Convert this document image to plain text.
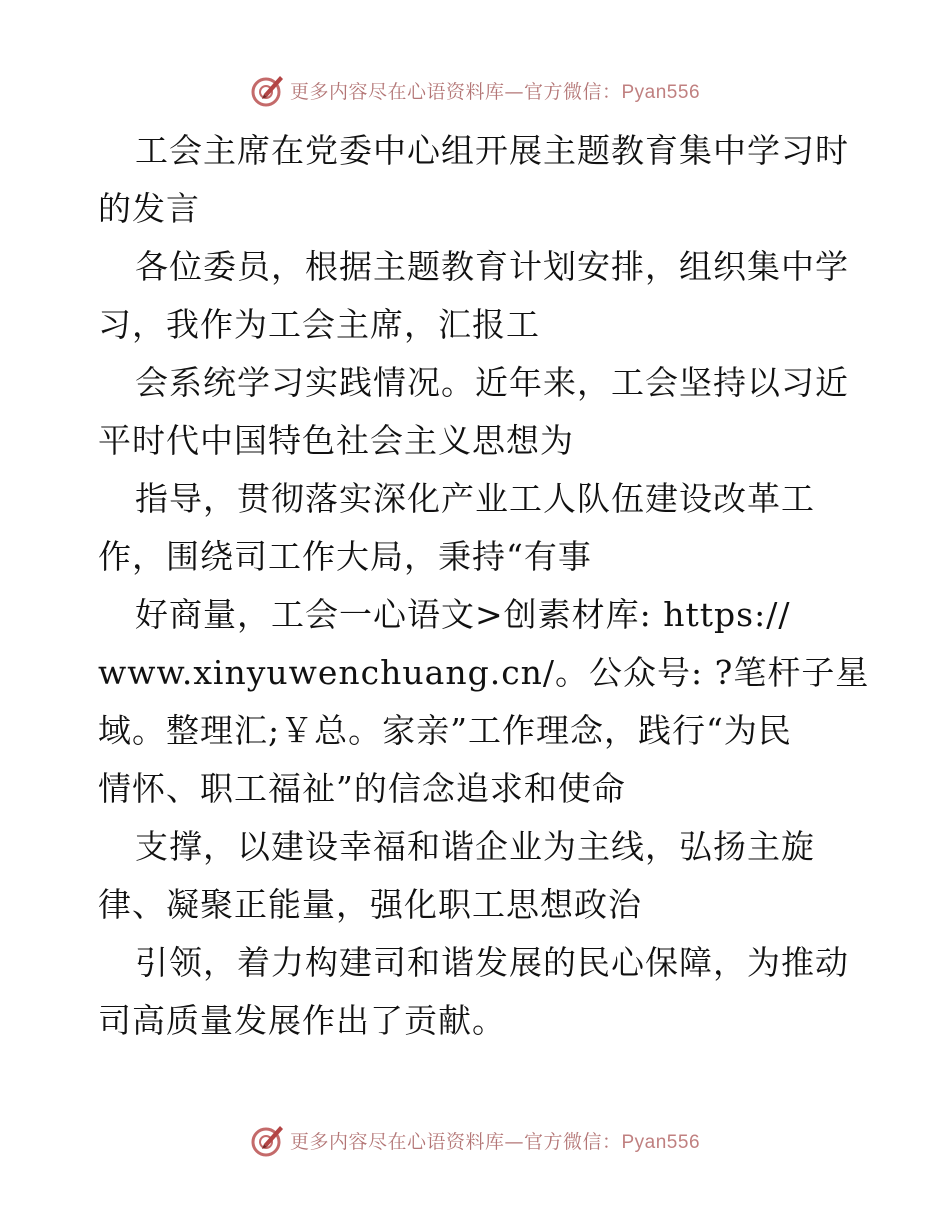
更多内容尽在心语资料库—官方微信：Pyan556
工会主席在党委中心组开展主题教育集中学习时
的发言
各位委员，根据主题教育计划安排，组织集中学
习，我作为工会主席，汇报工
会系统学习实践情况。近年来，工会坚持以习近
平时代中国特色社会主义思想为
指导，贯彻落实深化产业工人队伍建设改革工
作，围绕司工作大局，秉持“有事
好商量，工会一心语文>创素材库: https://
www.xinyuwenchuang.cn/。公众号: ?笔杆子星
域。整理汇;￥总。家亲”工作理念，践行“为民
情怀、职工福祉”的信念追求和使命
支撑，以建设幸福和谐企业为主线，弘扬主旋
律、凝聚正能量，强化职工思想政治
引领，着力构建司和谐发展的民心保障，为推动
司高质量发展作出了贡献。
更多内容尽在心语资料库—官方微信：Pyan556
